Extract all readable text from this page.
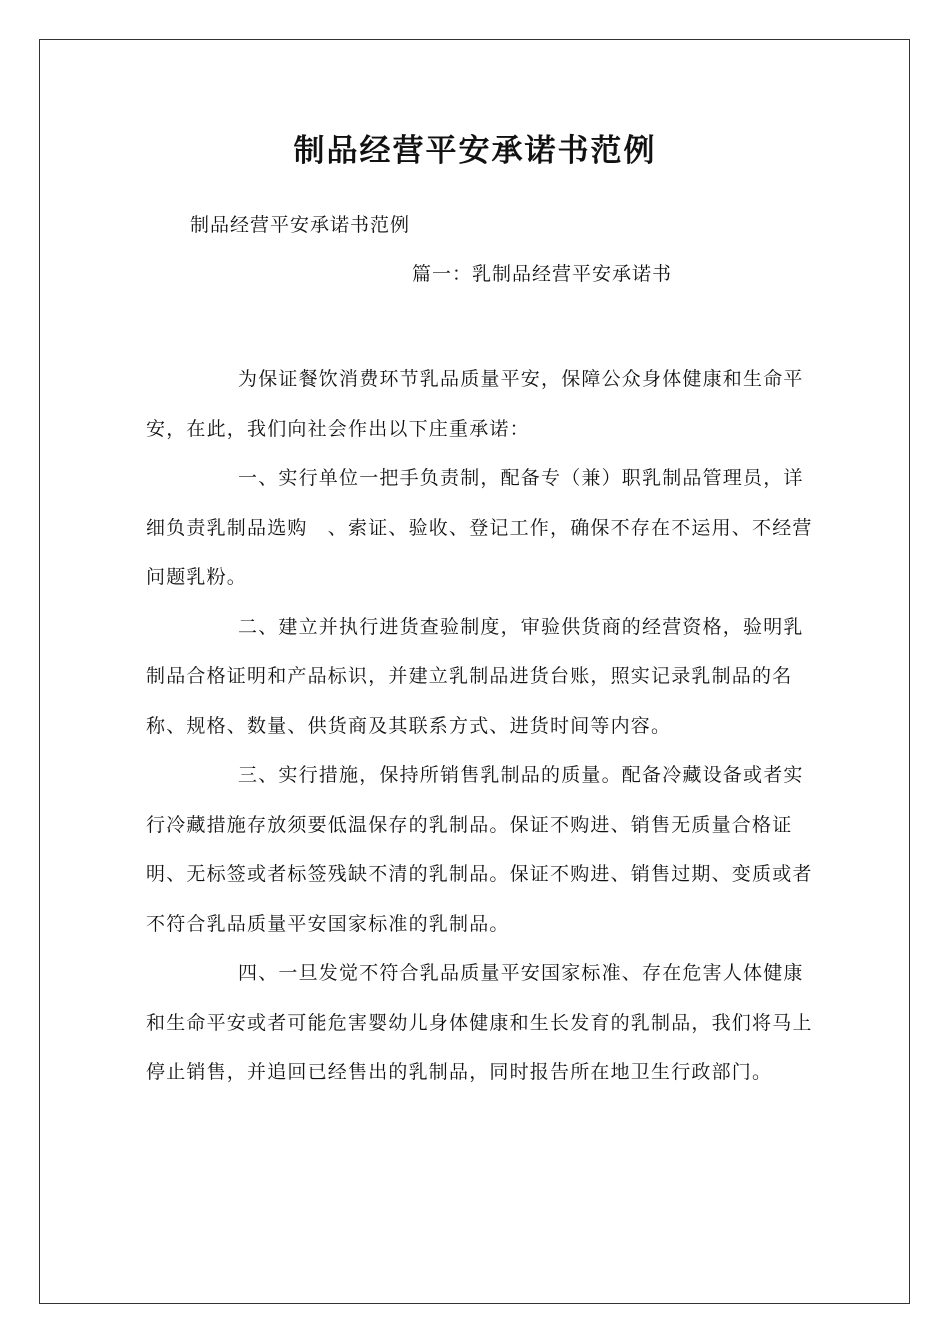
制品经营平安承诺书范例
制品经营平安承诺书范例
篇一：乳制品经营平安承诺书

为保证餐饮消费环节乳品质量平安，保障公众身体健康和生命平安，在此，我们向社会作出以下庄重承诺：

一、实行单位一把手负责制，配备专（兼）职乳制品管理员，详细负责乳制品选购　、索证、验收、登记工作，确保不存在不运用、不经营问题乳粉。

二、建立并执行进货查验制度，审验供货商的经营资格，验明乳制品合格证明和产品标识，并建立乳制品进货台账，照实记录乳制品的名称、规格、数量、供货商及其联系方式、进货时间等内容。

三、实行措施，保持所销售乳制品的质量。配备冷藏设备或者实行冷藏措施存放须要低温保存的乳制品。保证不购进、销售无质量合格证明、无标签或者标签残缺不清的乳制品。保证不购进、销售过期、变质或者不符合乳品质量平安国家标准的乳制品。

四、一旦发觉不符合乳品质量平安国家标准、存在危害人体健康和生命平安或者可能危害婴幼儿身体健康和生长发育的乳制品，我们将马上停止销售，并追回已经售出的乳制品，同时报告所在地卫生行政部门。
